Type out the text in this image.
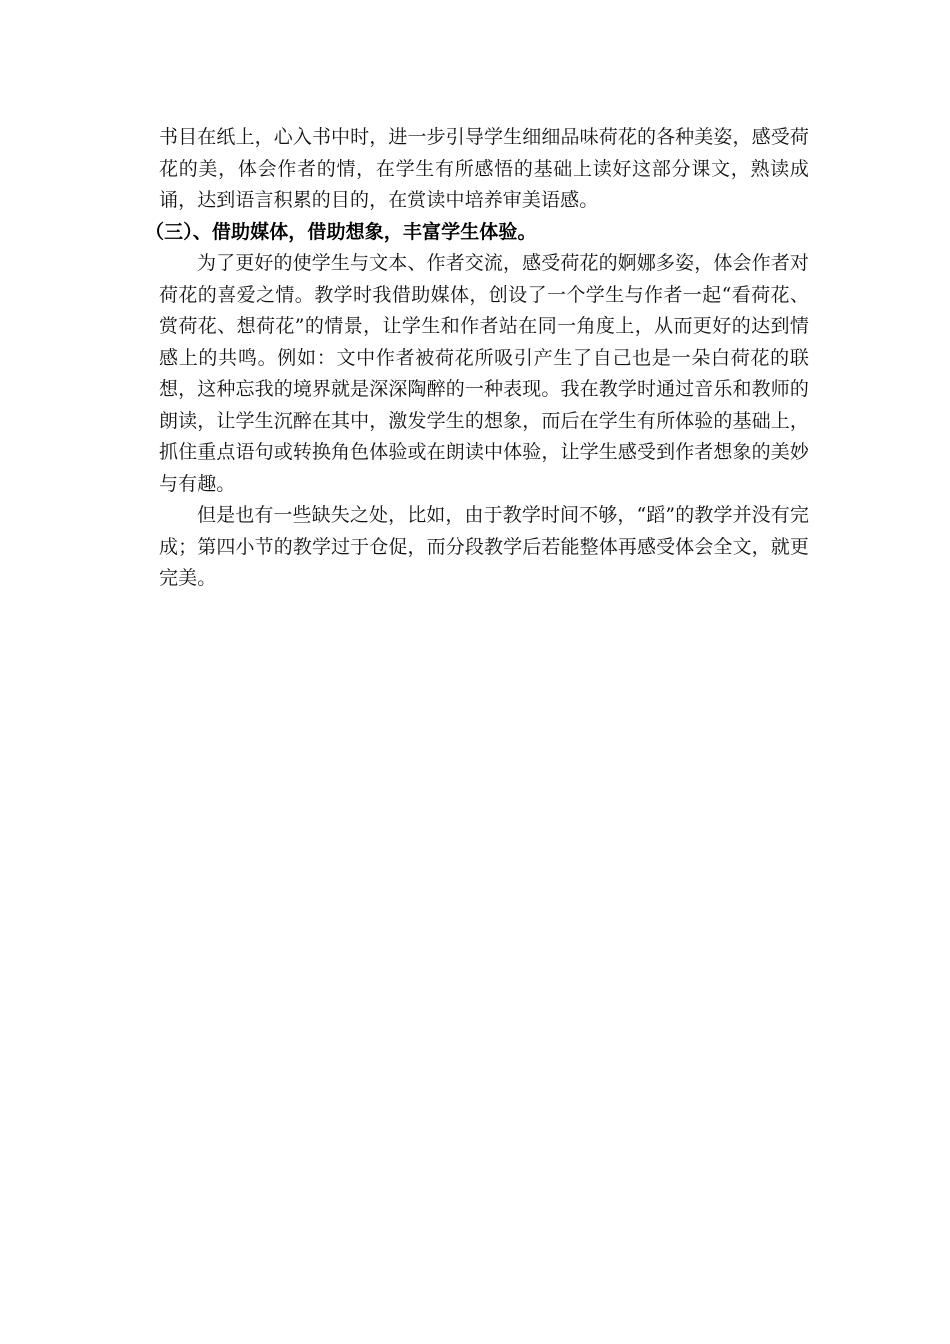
书目在纸上，心入书中时，进一步引导学生细细品味荷花的各种美姿，感受荷花的美，体会作者的情，在学生有所感悟的基础上读好这部分课文，熟读成诵，达到语言积累的目的，在赏读中培养审美语感。

（三）、借助媒体，借助想象，丰富学生体验。

为了更好的使学生与文本、作者交流，感受荷花的婀娜多姿，体会作者对荷花的喜爱之情。教学时我借助媒体，创设了一个学生与作者一起“看荷花、赏荷花、想荷花”的情景，让学生和作者站在同一角度上，从而更好的达到情感上的共鸣。例如：文中作者被荷花所吸引产生了自己也是一朵白荷花的联想，这种忘我的境界就是深深陶醉的一种表现。我在教学时通过音乐和教师的朗读，让学生沉醉在其中，激发学生的想象，而后在学生有所体验的基础上，抓住重点语句或转换角色体验或在朗读中体验，让学生感受到作者想象的美妙与有趣。

但是也有一些缺失之处，比如，由于教学时间不够，“蹈”的教学并没有完成；第四小节的教学过于仓促，而分段教学后若能整体再感受体会全文，就更完美。
